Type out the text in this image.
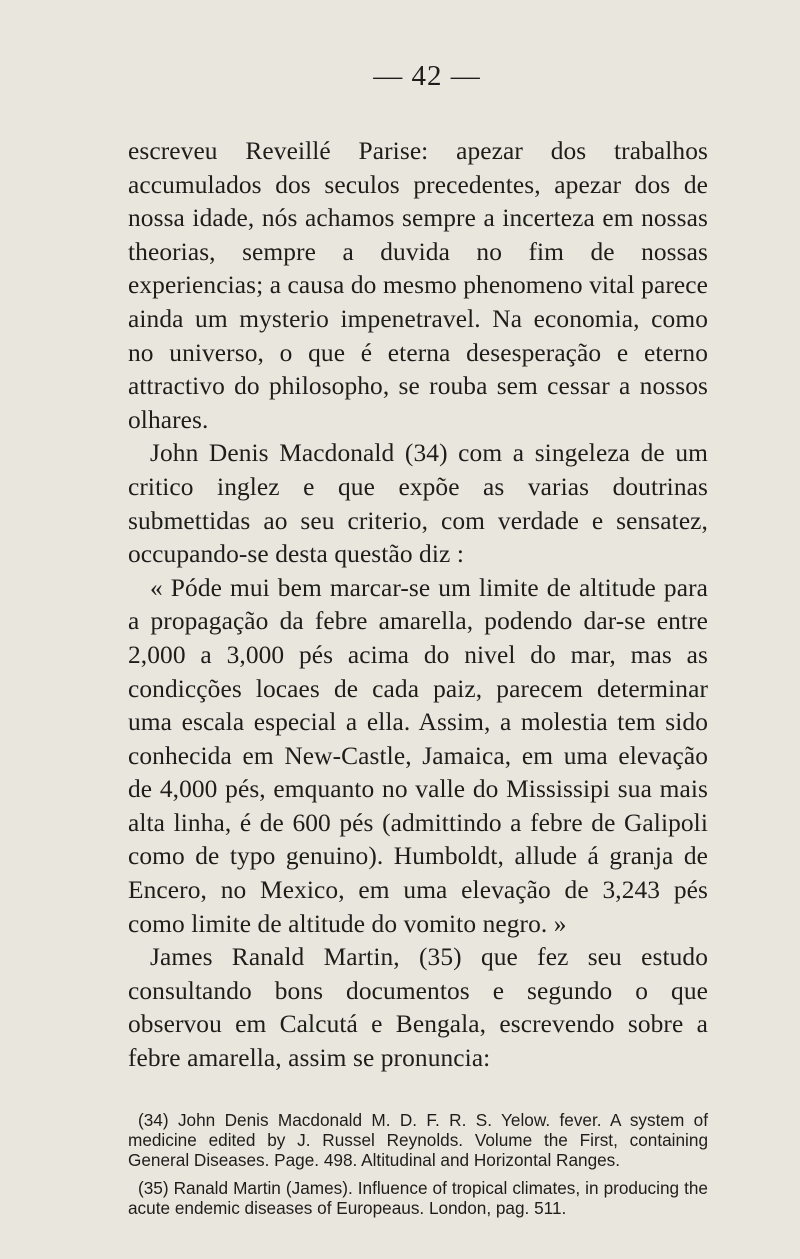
— 42 —

escreveu Reveillé Parise: apezar dos trabalhos accumulados dos seculos precedentes, apezar dos de nossa idade, nós achamos sempre a incerteza em nossas theorias, sempre a duvida no fim de nossas experiencias; a causa do mesmo phenomeno vital parece ainda um mysterio impenetravel. Na economia, como no universo, o que é eterna desesperação e eterno attractivo do philosopho, se rouba sem cessar a nossos olhares.

John Denis Macdonald (34) com a singeleza de um critico inglez e que expõe as varias doutrinas submettidas ao seu criterio, com verdade e sensatez, occupando-se desta questão diz :

« Póde mui bem marcar-se um limite de altitude para a propagação da febre amarella, podendo dar-se entre 2,000 a 3,000 pés acima do nivel do mar, mas as condicções locaes de cada paiz, parecem determinar uma escala especial a ella. Assim, a molestia tem sido conhecida em New-Castle, Jamaica, em uma elevação de 4,000 pés, emquanto no valle do Mississipi sua mais alta linha, é de 600 pés (admittindo a febre de Galipoli como de typo genuino). Humboldt, allude á granja de Encero, no Mexico, em uma elevação de 3,243 pés como limite de altitude do vomito negro. »

James Ranald Martin, (35) que fez seu estudo consultando bons documentos e segundo o que observou em Calcutá e Bengala, escrevendo sobre a febre amarella, assim se pronuncia:

(34) John Denis Macdonald M. D. F. R. S. Yelow. fever. A system of medicine edited by J. Russel Reynolds. Volume the First, containing General Diseases. Page. 498. Altitudinal and Horizontal Ranges.

(35) Ranald Martin (James). Influence of tropical climates, in producing the acute endemic diseases of Europeaus. London, pag. 511.
